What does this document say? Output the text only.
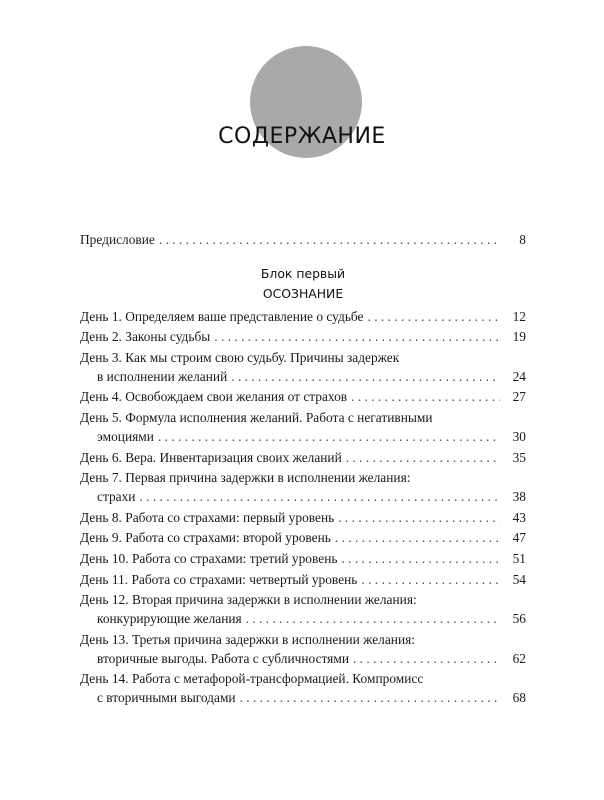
СОДЕРЖАНИЕ
Предисловие . . .	8
Блок первый
ОСОЗНАНИЕ
День 1. Определяем ваше представление о судьбе . . .	12
День 2. Законы судьбы . . .	19
День 3. Как мы строим свою судьбу. Причины задержек
в исполнении желаний . . .	24
День 4. Освобождаем свои желания от страхов . . .	27
День 5. Формула исполнения желаний. Работа с негативными
эмоциями . . .	30
День 6. Вера. Инвентаризация своих желаний . . .	35
День 7. Первая причина задержки в исполнении желания:
страхи . . .	38
День 8. Работа со страхами: первый уровень . . .	43
День 9. Работа со страхами: второй уровень . . .	47
День 10. Работа со страхами: третий уровень . . .	51
День 11. Работа со страхами: четвертый уровень . . .	54
День 12. Вторая причина задержки в исполнении желания:
конкурирующие желания . . .	56
День 13. Третья причина задержки в исполнении желания:
вторичные выгоды. Работа с субличностями . . .	62
День 14. Работа с метафорой-трансформацией. Компромисс
с вторичными выгодами . . .	68
